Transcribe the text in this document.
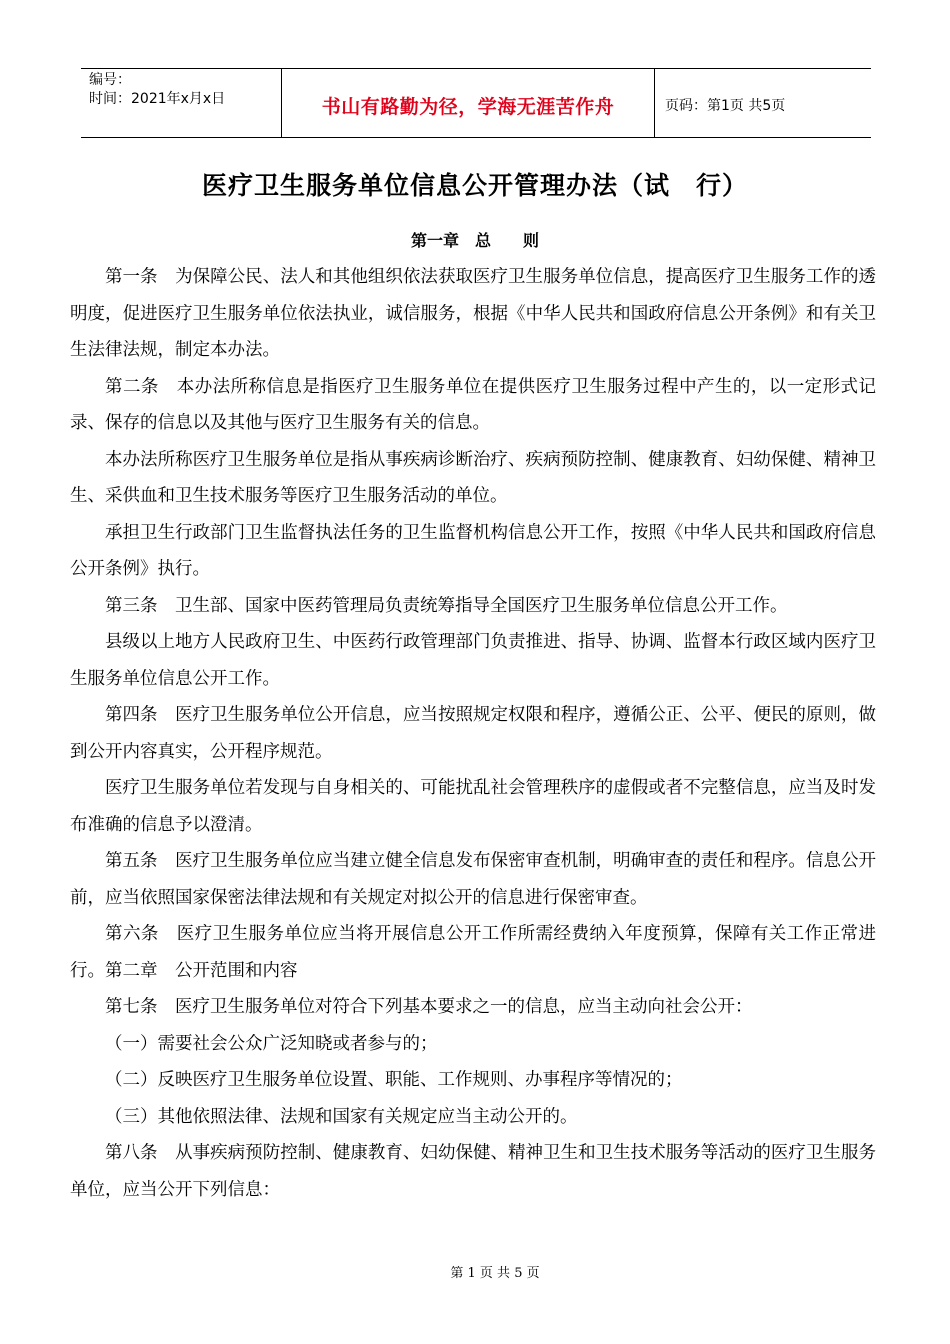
编号：
时间：2021年x月x日	书山有路勤为径，学海无涯苦作舟	页码：第1页 共5页
医疗卫生服务单位信息公开管理办法（试　行）
第一章　总　　则

第一条　为保障公民、法人和其他组织依法获取医疗卫生服务单位信息，提高医疗卫生服务工作的透明度，促进医疗卫生服务单位依法执业，诚信服务，根据《中华人民共和国政府信息公开条例》和有关卫生法律法规，制定本办法。

第二条　本办法所称信息是指医疗卫生服务单位在提供医疗卫生服务过程中产生的，以一定形式记录、保存的信息以及其他与医疗卫生服务有关的信息。

本办法所称医疗卫生服务单位是指从事疾病诊断治疗、疾病预防控制、健康教育、妇幼保健、精神卫生、采供血和卫生技术服务等医疗卫生服务活动的单位。

承担卫生行政部门卫生监督执法任务的卫生监督机构信息公开工作，按照《中华人民共和国政府信息公开条例》执行。

第三条　卫生部、国家中医药管理局负责统筹指导全国医疗卫生服务单位信息公开工作。

县级以上地方人民政府卫生、中医药行政管理部门负责推进、指导、协调、监督本行政区域内医疗卫生服务单位信息公开工作。

第四条　医疗卫生服务单位公开信息，应当按照规定权限和程序，遵循公正、公平、便民的原则，做到公开内容真实，公开程序规范。

医疗卫生服务单位若发现与自身相关的、可能扰乱社会管理秩序的虚假或者不完整信息，应当及时发布准确的信息予以澄清。

第五条　医疗卫生服务单位应当建立健全信息发布保密审查机制，明确审查的责任和程序。信息公开前，应当依照国家保密法律法规和有关规定对拟公开的信息进行保密审查。

第六条　医疗卫生服务单位应当将开展信息公开工作所需经费纳入年度预算，保障有关工作正常进行。第二章　公开范围和内容

第七条　医疗卫生服务单位对符合下列基本要求之一的信息，应当主动向社会公开：

（一）需要社会公众广泛知晓或者参与的；

（二）反映医疗卫生服务单位设置、职能、工作规则、办事程序等情况的；

（三）其他依照法律、法规和国家有关规定应当主动公开的。

第八条　从事疾病预防控制、健康教育、妇幼保健、精神卫生和卫生技术服务等活动的医疗卫生服务单位，应当公开下列信息：

第 1 页 共 5 页
